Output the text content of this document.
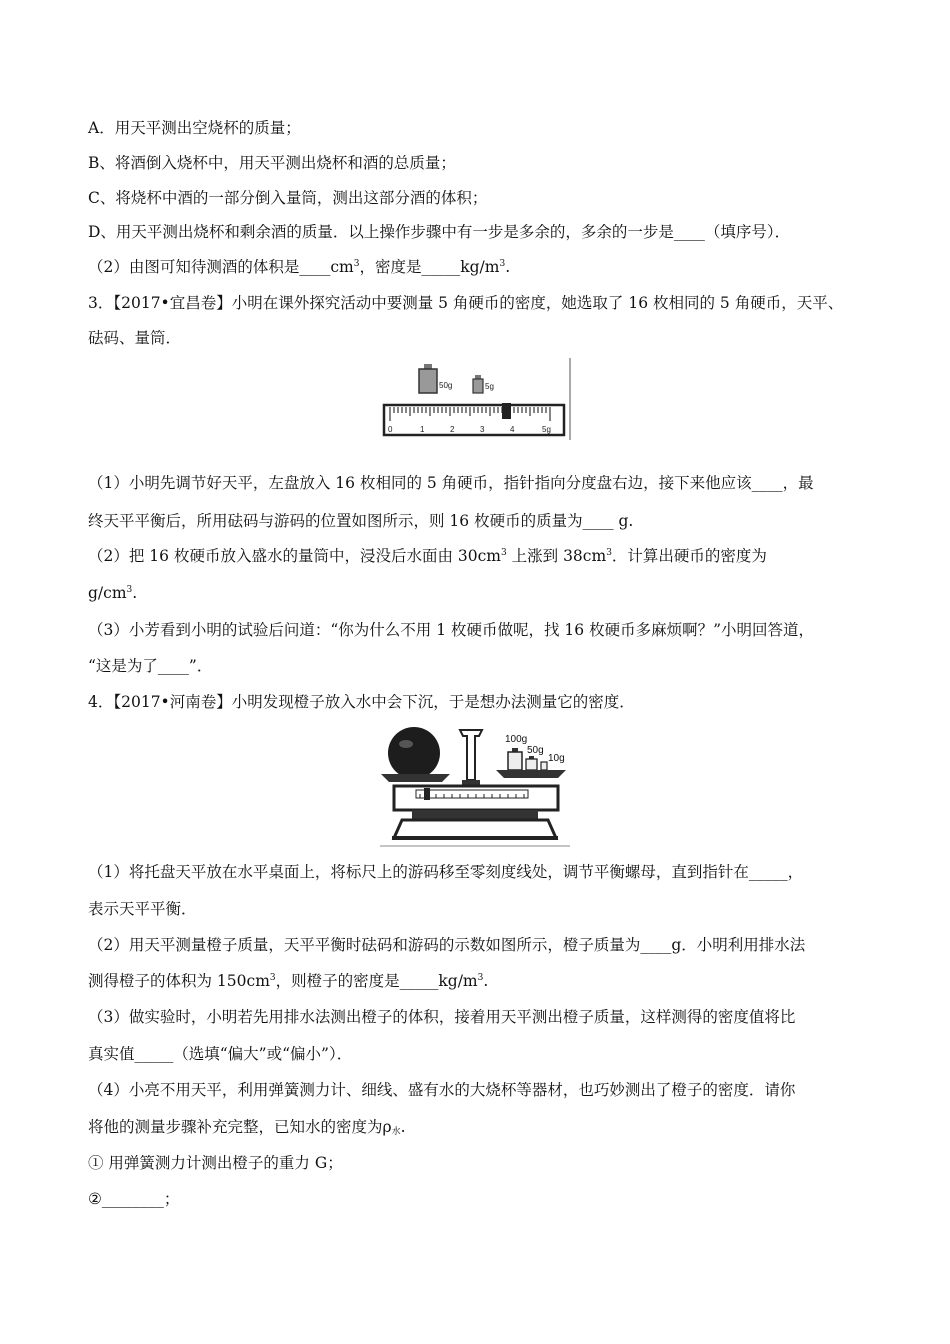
A．用天平测出空烧杯的质量；
B、将酒倒入烧杯中，用天平测出烧杯和酒的总质量；
C、将烧杯中酒的一部分倒入量筒，测出这部分酒的体积；
D、用天平测出烧杯和剩余酒的质量．以上操作步骤中有一步是多余的，多余的一步是____（填序号）．
（2）由图可知待测酒的体积是$\_\_\_\_cm^3$，密度是$\_\_\_\_\_kg/m^3$.
3．【2017•宜昌卷】小明在课外探究活动中要测量 5 角硬币的密度，她选取了 16 枚相同的 5 角硬币，天平、
砝码、量筒．
50g	5g
0	1	2	3	4	5g
（1）小明先调节好天平，左盘放入 16 枚相同的 5 角硬币，指针指向分度盘右边，接下来他应该____，最
终天平平衡后，所用砝码与游码的位置如图所示，则 16 枚硬币的质量为____ g.
（2）把 16 枚硬币放入盛水的量筒中，浸没后水面由 $30cm^3$ 上涨到 $38cm^3$．计算出硬币的密度为
$g/cm^3$.
（3）小芳看到小明的试验后问道：“你为什么不用 1 枚硬币做呢，找 16 枚硬币多麻烦啊？”小明回答道，
“这是为了____”．
4．【2017•河南卷】小明发现橙子放入水中会下沉，于是想办法测量它的密度．
100g
50g
10g
（1）将托盘天平放在水平桌面上，将标尺上的游码移至零刻度线处，调节平衡螺母，直到指针在_____，
表示天平平衡．
（2）用天平测量橙子质量，天平平衡时砝码和游码的示数如图所示，橙子质量为____g．小明利用排水法
测得橙子的体积为 $150cm^3$，则橙子的密度是$\_\_\_\_\_kg/m^3$.
（3）做实验时，小明若先用排水法测出橙子的体积，接着用天平测出橙子质量，这样测得的密度值将比
真实值_____（选填“偏大”或“偏小”）．
（4）小亮不用天平，利用弹簧测力计、细线、盛有水的大烧杯等器材，也巧妙测出了橙子的密度．请你
将他的测量步骤补充完整，已知水的密度为$\rho_水$.
① 用弹簧测力计测出橙子的重力 G；
②________；
